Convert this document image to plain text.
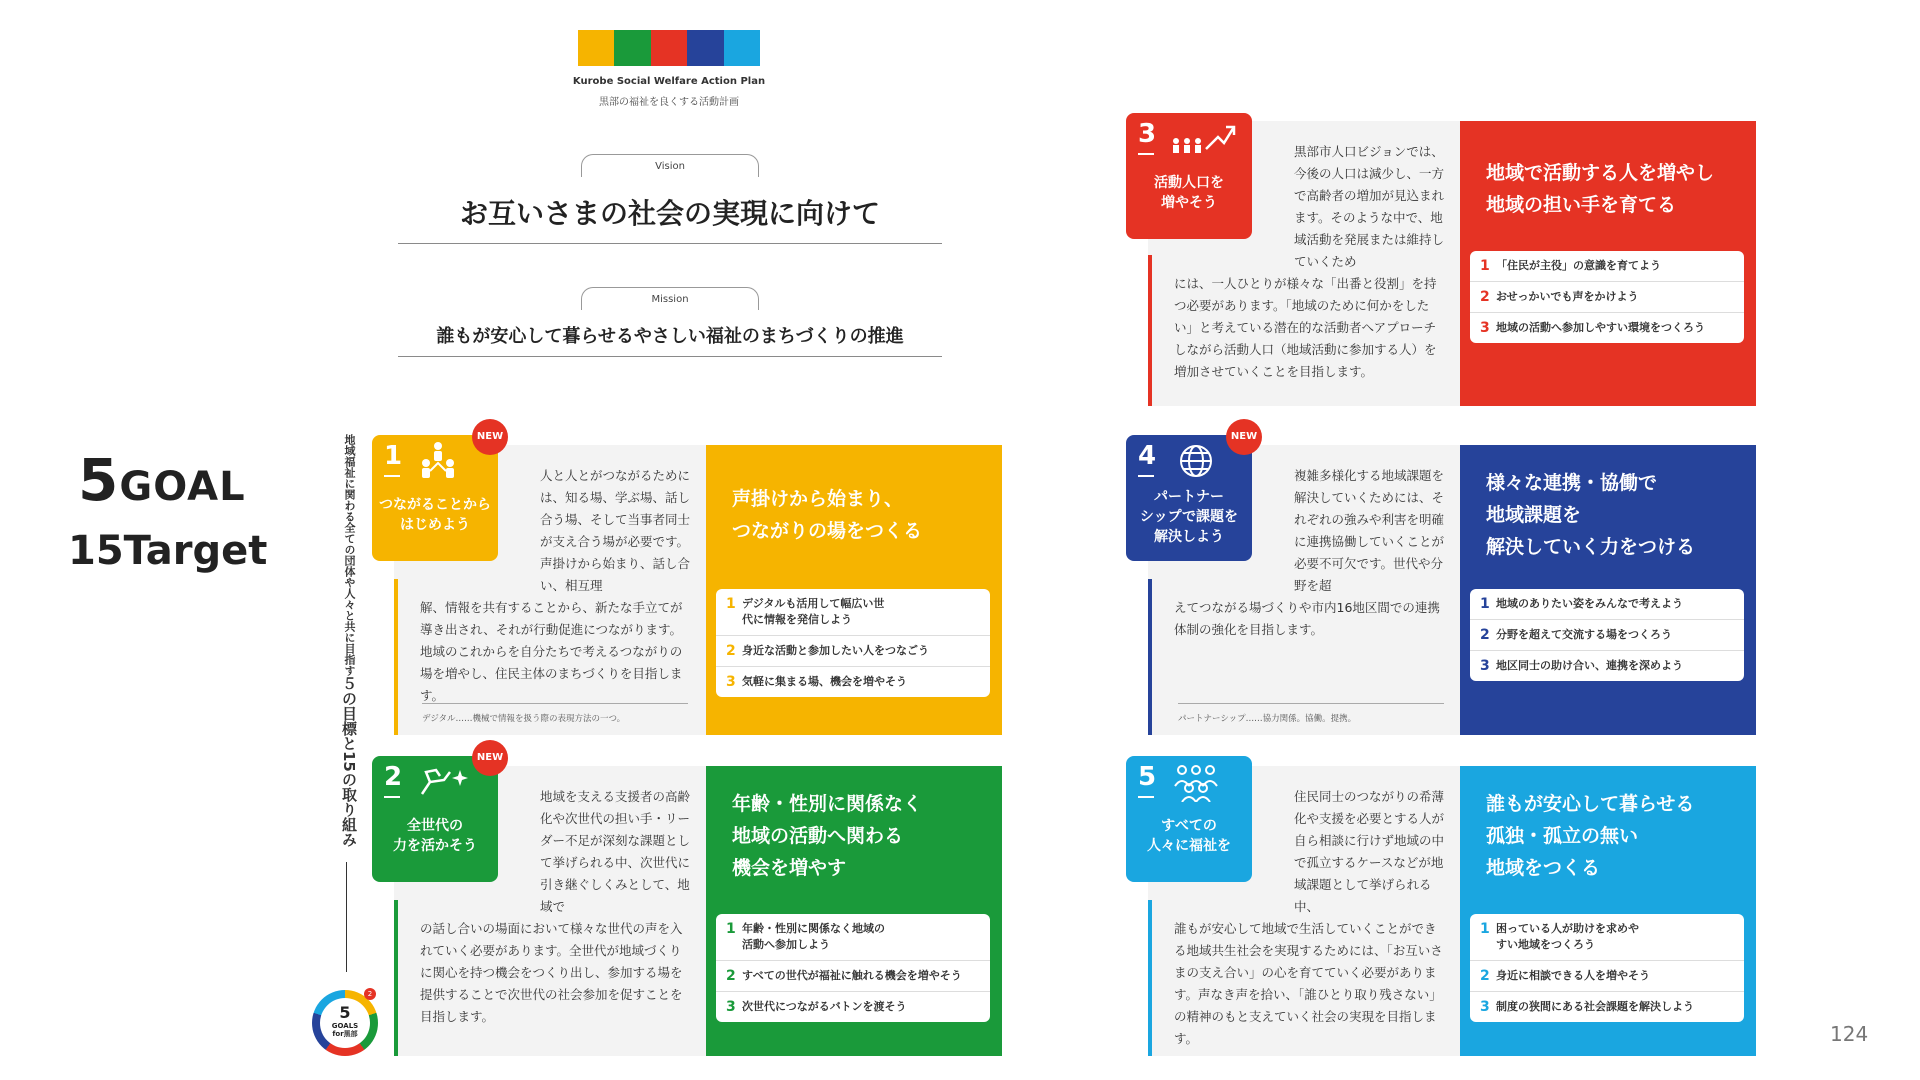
5GOAL
15Target
124
Kurobe Social Welfare Action Plan
黒部の福祉を良くする活動計画
Vision
お互いさまの社会の実現に向けて
Mission
誰もが安心して暮らせるやさしい福祉のまちづくりの推進
地域福祉に関わる全ての団体や人々と共に目指す５の目標と15の取り組み
5
GOALS
for黒部
2
1
つながることから
はじめよう
NEW
人と人とがつながるためには、知る場、学ぶ場、話し合う場、そして当事者同士が支え合う場が必要です。声掛けから始まり、話し合い、相互理
解、情報を共有することから、新たな手立てが導き出され、それが行動促進につながります。地域のこれからを自分たちで考えるつながりの場を増やし、住民主体のまちづくりを目指します。
デジタル……機械で情報を扱う際の表現方法の一つ。
声掛けから始まり、
つながりの場をつくる
1 デジタルも活用して幅広い世代に情報を発信しよう
2 身近な活動と参加したい人をつなごう
3 気軽に集まる場、機会を増やそう
2
全世代の
力を活かそう
NEW
地域を支える支援者の高齢化や次世代の担い手・リーダー不足が深刻な課題として挙げられる中、次世代に引き継ぐしくみとして、地域で
の話し合いの場面において様々な世代の声を入れていく必要があります。全世代が地域づくりに関心を持つ機会をつくり出し、参加する場を提供することで次世代の社会参加を促すことを目指します。
年齢・性別に関係なく
地域の活動へ関わる
機会を増やす
1 年齢・性別に関係なく地域の活動へ参加しよう
2 すべての世代が福祉に触れる機会を増やそう
3 次世代につながるバトンを渡そう
3
活動人口を
増やそう
黒部市人口ビジョンでは、今後の人口は減少し、一方で高齢者の増加が見込まれます。そのような中で、地域活動を発展または維持していくため
には、一人ひとりが様々な「出番と役割」を持つ必要があります。「地域のために何かをしたい」と考えている潜在的な活動者へアプローチしながら活動人口（地域活動に参加する人）を増加させていくことを目指します。
地域で活動する人を増やし
地域の担い手を育てる
1 「住民が主役」の意識を育てよう
2 おせっかいでも声をかけよう
3 地域の活動へ参加しやすい環境をつくろう
4
パートナー
シップで課題を
解決しよう
NEW
複雑多様化する地域課題を解決していくためには、それぞれの強みや利害を明確に連携協働していくことが必要不可欠です。世代や分野を超
えてつながる場づくりや市内16地区間での連携体制の強化を目指します。
パートナーシップ……協力関係。協働。提携。
様々な連携・協働で
地域課題を
解決していく力をつける
1 地域のありたい姿をみんなで考えよう
2 分野を超えて交流する場をつくろう
3 地区同士の助け合い、連携を深めよう
5
すべての
人々に福祉を
住民同士のつながりの希薄化や支援を必要とする人が自ら相談に行けず地域の中で孤立するケースなどが地域課題として挙げられる中、
誰もが安心して地域で生活していくことができる地域共生社会を実現するためには、「お互いさまの支え合い」の心を育てていく必要があります。声なき声を拾い、「誰ひとり取り残さない」の精神のもと支えていく社会の実現を目指します。
誰もが安心して暮らせる
孤独・孤立の無い
地域をつくる
1 困っている人が助けを求めやすい地域をつくろう
2 身近に相談できる人を増やそう
3 制度の狭間にある社会課題を解決しよう
